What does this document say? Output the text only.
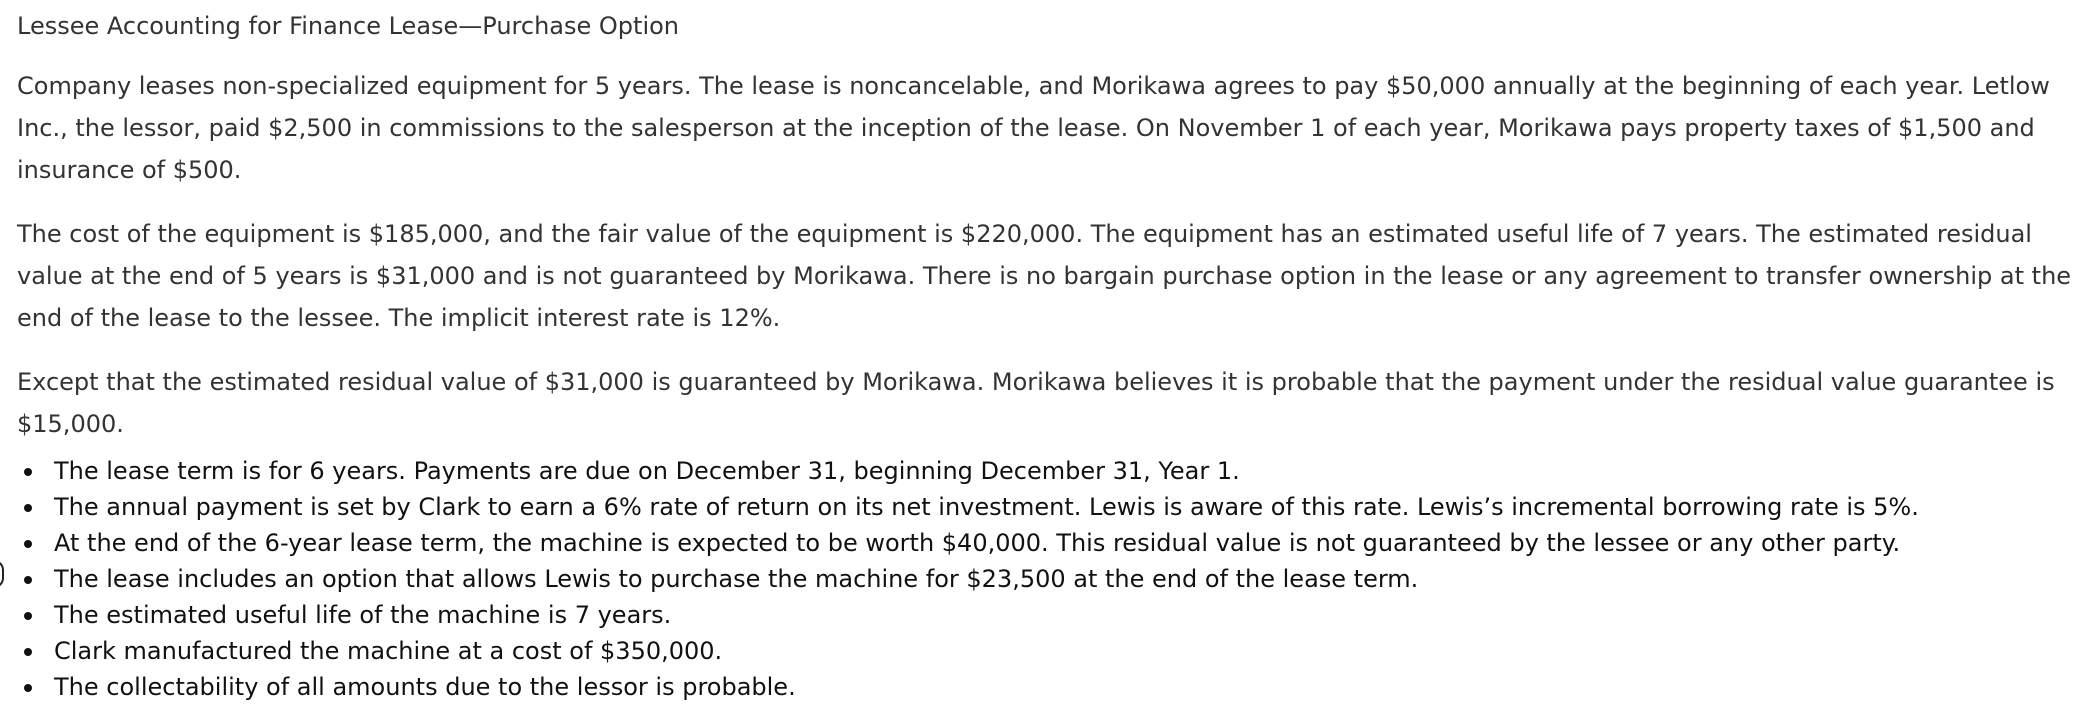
Lessee Accounting for Finance Lease—Purchase Option

Company leases non-specialized equipment for 5 years. The lease is noncancelable, and Morikawa agrees to pay $50,000 annually at the beginning of each year. Letlow Inc., the lessor, paid $2,500 in commissions to the salesperson at the inception of the lease. On November 1 of each year, Morikawa pays property taxes of $1,500 and insurance of $500.

The cost of the equipment is $185,000, and the fair value of the equipment is $220,000. The equipment has an estimated useful life of 7 years. The estimated residual value at the end of 5 years is $31,000 and is not guaranteed by Morikawa. There is no bargain purchase option in the lease or any agreement to transfer ownership at the end of the lease to the lessee. The implicit interest rate is 12%.

Except that the estimated residual value of $31,000 is guaranteed by Morikawa. Morikawa believes it is probable that the payment under the residual value guarantee is $15,000.

The lease term is for 6 years. Payments are due on December 31, beginning December 31, Year 1.
The annual payment is set by Clark to earn a 6% rate of return on its net investment. Lewis is aware of this rate. Lewis’s incremental borrowing rate is 5%.
At the end of the 6-year lease term, the machine is expected to be worth $40,000. This residual value is not guaranteed by the lessee or any other party.
The lease includes an option that allows Lewis to purchase the machine for $23,500 at the end of the lease term.
The estimated useful life of the machine is 7 years.
Clark manufactured the machine at a cost of $350,000.
The collectability of all amounts due to the lessor is probable.
